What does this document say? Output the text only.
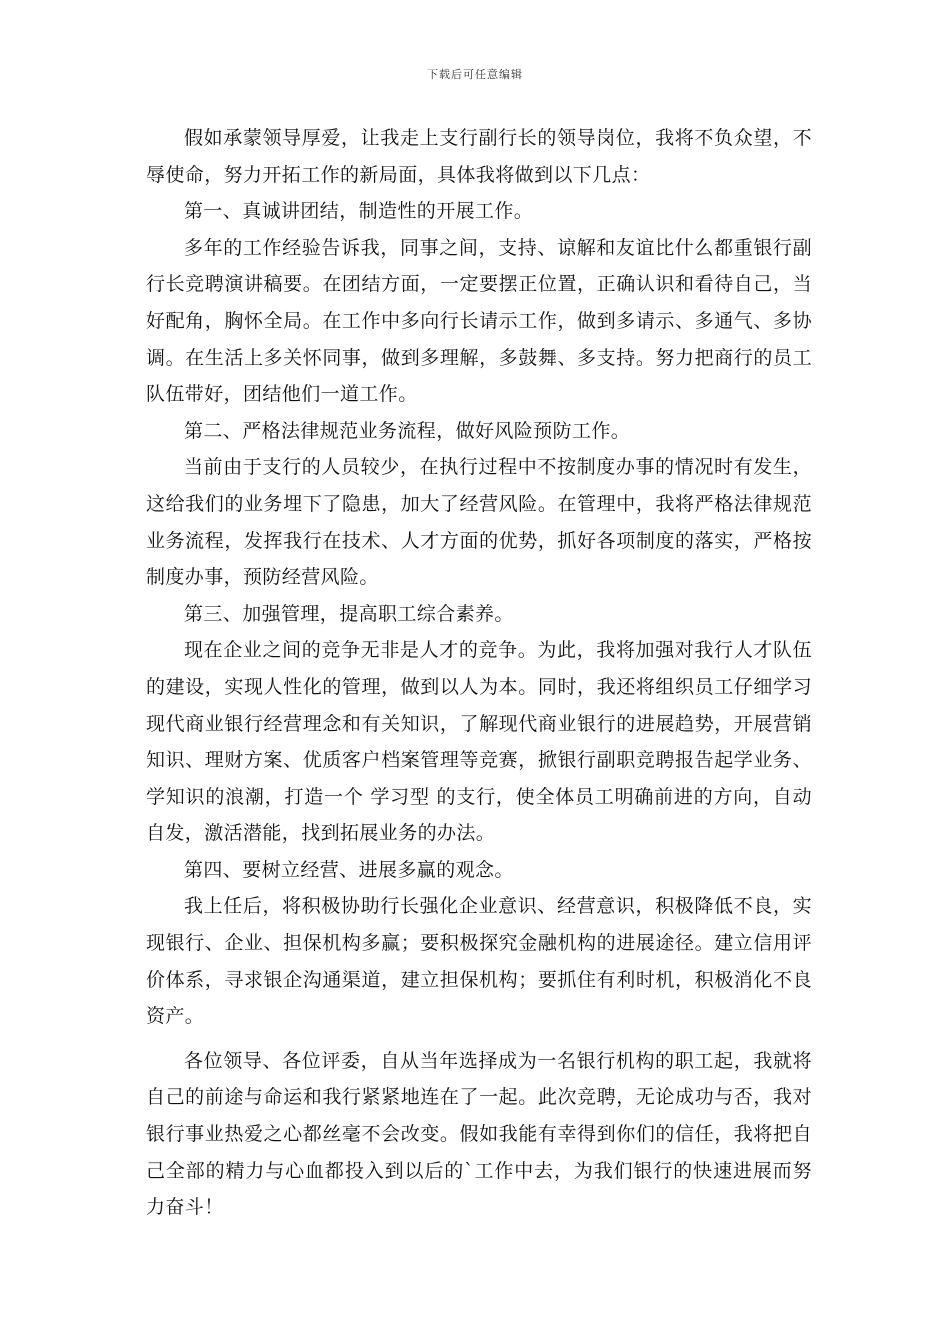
下载后可任意编辑

假如承蒙领导厚爱，让我走上支行副行长的领导岗位，我将不负众望，不辱使命，努力开拓工作的新局面，具体我将做到以下几点：

第一、真诚讲团结，制造性的开展工作。

多年的工作经验告诉我，同事之间，支持、谅解和友谊比什么都重银行副行长竞聘演讲稿要。在团结方面，一定要摆正位置，正确认识和看待自己，当好配角，胸怀全局。在工作中多向行长请示工作，做到多请示、多通气、多协调。在生活上多关怀同事，做到多理解，多鼓舞、多支持。努力把商行的员工队伍带好，团结他们一道工作。

第二、严格法律规范业务流程，做好风险预防工作。

当前由于支行的人员较少，在执行过程中不按制度办事的情况时有发生，这给我们的业务埋下了隐患，加大了经营风险。在管理中，我将严格法律规范业务流程，发挥我行在技术、人才方面的优势，抓好各项制度的落实，严格按制度办事，预防经营风险。

第三、加强管理，提高职工综合素养。

现在企业之间的竞争无非是人才的竞争。为此，我将加强对我行人才队伍的建设，实现人性化的管理，做到以人为本。同时，我还将组织员工仔细学习现代商业银行经营理念和有关知识，了解现代商业银行的进展趋势，开展营销知识、理财方案、优质客户档案管理等竞赛，掀银行副职竞聘报告起学业务、学知识的浪潮，打造一个 学习型 的支行，使全体员工明确前进的方向，自动自发，激活潜能，找到拓展业务的办法。

第四、要树立经营、进展多赢的观念。

我上任后，将积极协助行长强化企业意识、经营意识，积极降低不良，实现银行、企业、担保机构多赢；要积极探究金融机构的进展途径。建立信用评价体系，寻求银企沟通渠道，建立担保机构；要抓住有利时机，积极消化不良资产。

各位领导、各位评委，自从当年选择成为一名银行机构的职工起，我就将自己的前途与命运和我行紧紧地连在了一起。此次竞聘，无论成功与否，我对银行事业热爱之心都丝毫不会改变。假如我能有幸得到你们的信任，我将把自己全部的精力与心血都投入到以后的`工作中去，为我们银行的快速进展而努力奋斗！
